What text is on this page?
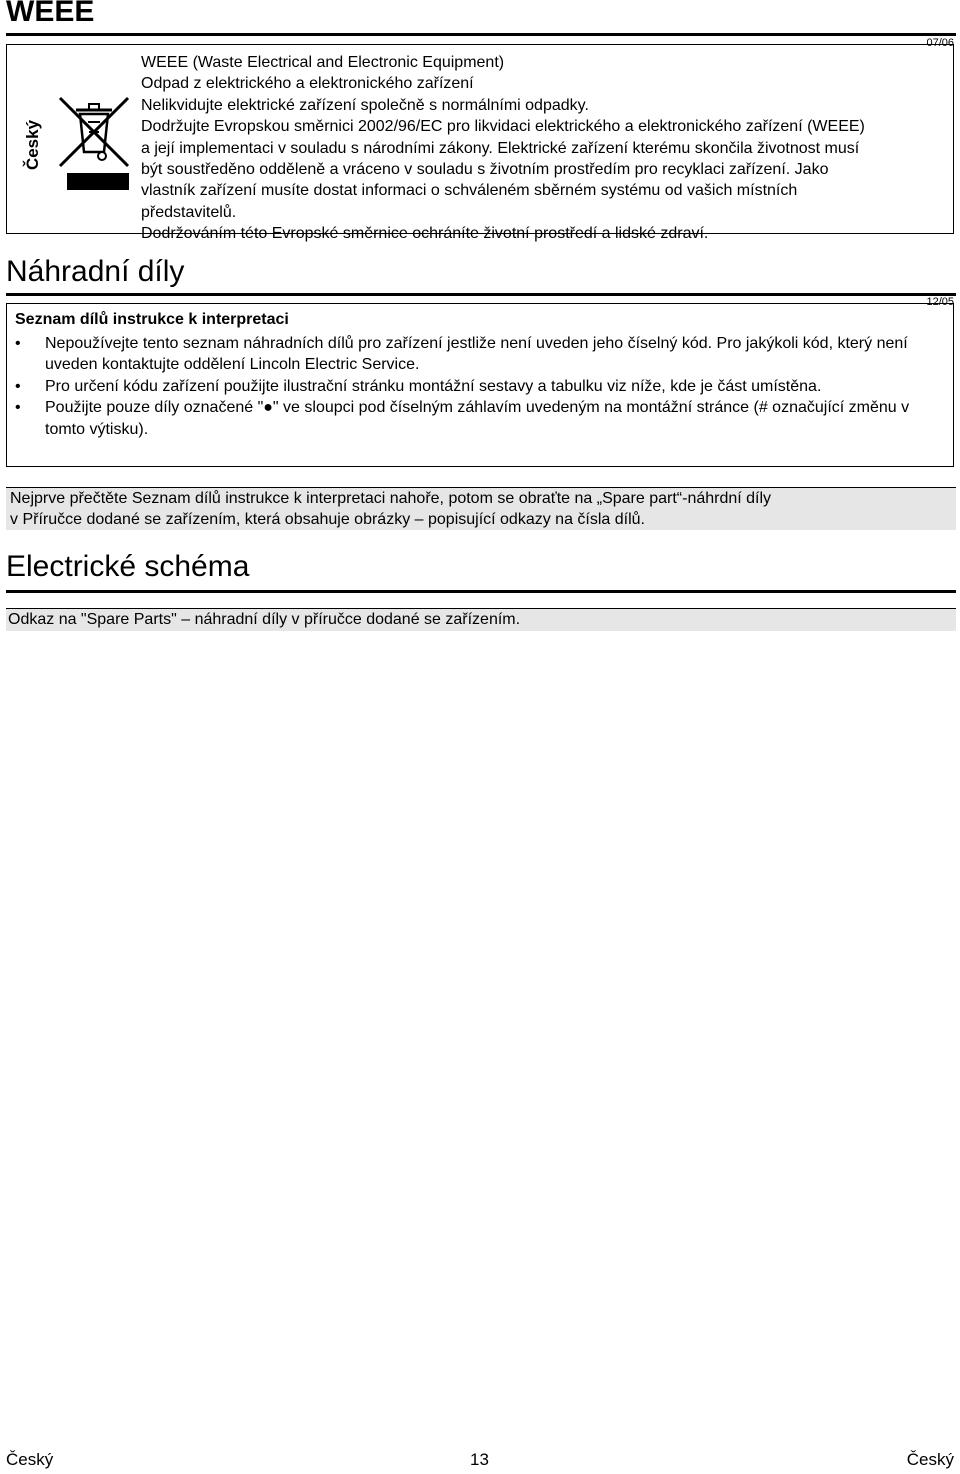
WEEE
07/06
Český

WEEE (Waste Electrical and Electronic Equipment)

Odpad z elektrického a elektronického zařízení

Nelikvidujte elektrické zařízení společně s normálními odpadky.

Dodržujte Evropskou směrnici 2002/96/EC pro likvidaci elektrického a elektronického zařízení (WEEE)

a její implementaci v souladu s národními zákony. Elektrické zařízení kterému skončila životnost musí

být soustředěno odděleně a vráceno v souladu s životním prostředím pro recyklaci zařízení. Jako

vlastník zařízení musíte dostat informaci o schváleném sběrném systému od vašich místních

představitelů.

Dodržováním této Evropské směrnice ochráníte životní prostředí a lidské zdraví.

Náhradní díly
12/05
Seznam dílů instrukce k interpretaci
• Nepoužívejte tento seznam náhradních dílů pro zařízení jestliže není uveden jeho číselný kód. Pro jakýkoli kód, který není uveden kontaktujte oddělení Lincoln Electric Service.
• Pro určení kódu zařízení použijte ilustrační stránku montážní sestavy a tabulku viz níže, kde je část umístěna.
• Použijte pouze díly označené "●" ve sloupci pod číselným záhlavím uvedeným na montážní stránce (# označující změnu v tomto výtisku).

Nejprve přečtěte Seznam dílů instrukce k interpretaci nahoře, potom se obraťte na „Spare part“-náhrdní díly

v Příručce dodané se zařízením, která obsahuje obrázky – popisující odkazy na čísla dílů.

Electrické schéma
Odkaz na "Spare Parts" – náhradní díly v příručce dodané se zařízením.
Český	13	Český
